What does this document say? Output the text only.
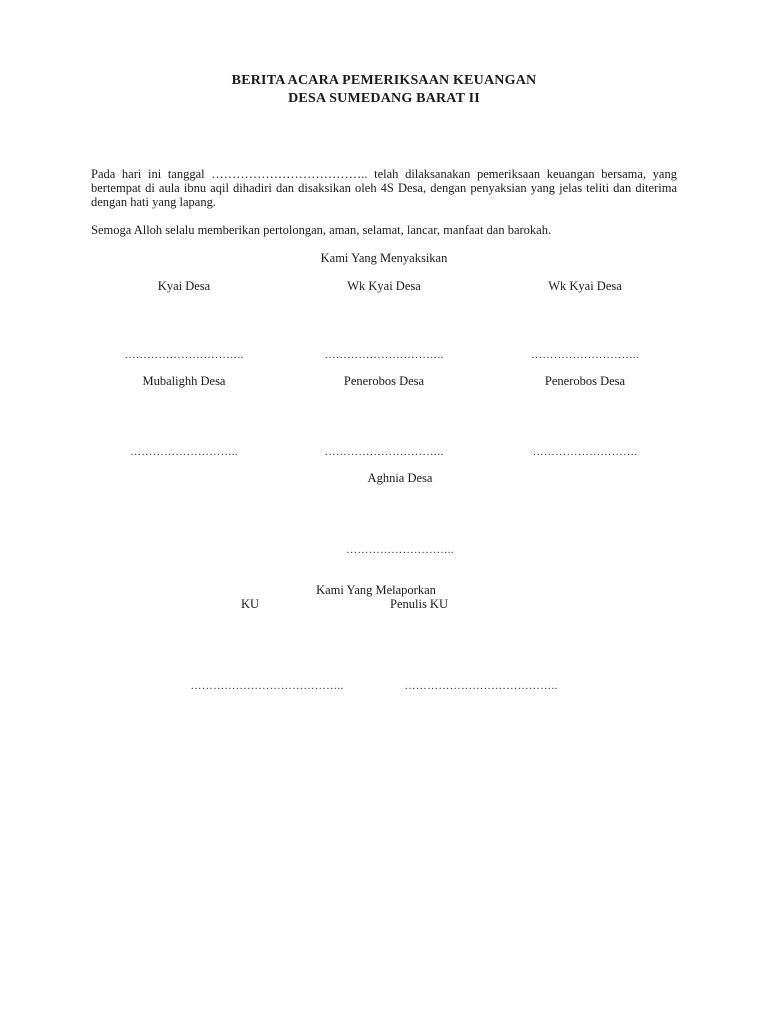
BERITA ACARA PEMERIKSAAN KEUANGAN
DESA SUMEDANG BARAT II
Pada hari ini tanggal ……………………………….. telah dilaksanakan pemeriksaan keuangan bersama, yang bertempat di aula ibnu aqil dihadiri dan disaksikan oleh 4S Desa, dengan penyaksian yang jelas teliti dan diterima dengan hati yang lapang.
Semoga Alloh selalu memberikan pertolongan, aman, selamat, lancar, manfaat dan barokah.
Kami Yang Menyaksikan
Kyai Desa	Wk Kyai Desa	Wk Kyai Desa
…………………………..	…………………………..	………………………..
Mubalighh Desa	Penerobos Desa	Penerobos Desa
………………………..	…………………………..	……………………….
Aghnia Desa
………………………..
Kami Yang Melaporkan
KU	Penulis KU
…………………………………..	…………………………………..
